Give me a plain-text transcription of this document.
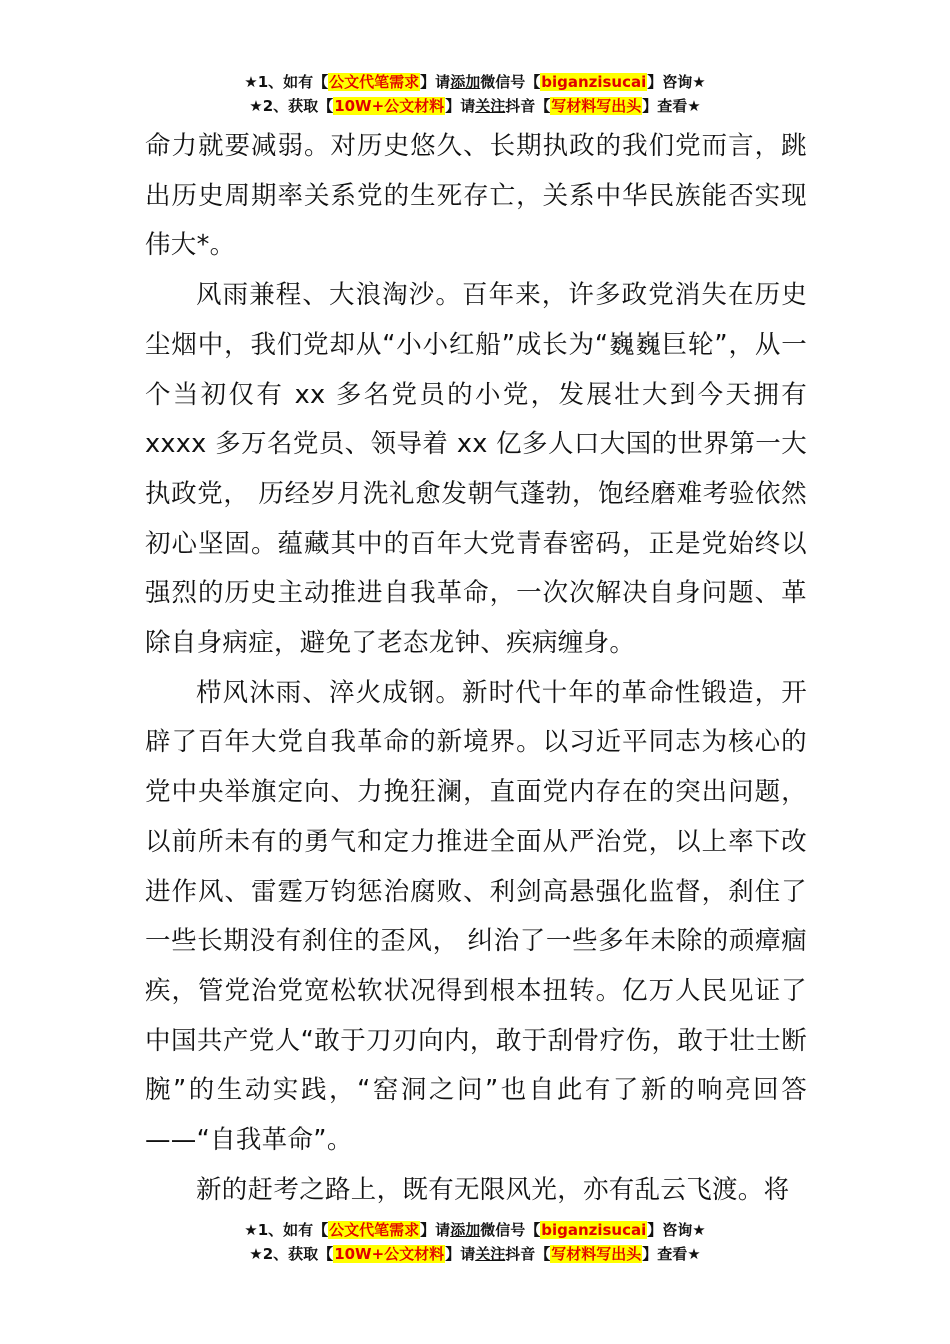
★1、如有【公文代笔需求】请添加微信号【biganzisucai】咨询★
★2、获取【10W+公文材料】请关注抖音【写材料写出头】查看★

命力就要减弱。对历史悠久、长期执政的我们党而言，跳出历史周期率关系党的生死存亡，关系中华民族能否实现伟大*。

风雨兼程、大浪淘沙。百年来，许多政党消失在历史尘烟中，我们党却从“小小红船”成长为“巍巍巨轮”，从一个当初仅有 xx 多名党员的小党，发展壮大到今天拥有 xxxx 多万名党员、领导着 xx 亿多人口大国的世界第一大执政党， 历经岁月洗礼愈发朝气蓬勃，饱经磨难考验依然初心坚固。蕴藏其中的百年大党青春密码，正是党始终以强烈的历史主动推进自我革命，一次次解决自身问题、革除自身病症，避免了老态龙钟、疾病缠身。

栉风沐雨、淬火成钢。新时代十年的革命性锻造，开辟了百年大党自我革命的新境界。以习近平同志为核心的党中央举旗定向、力挽狂澜，直面党内存在的突出问题，以前所未有的勇气和定力推进全面从严治党，以上率下改进作风、雷霆万钧惩治腐败、利剑高悬强化监督，刹住了一些长期没有刹住的歪风， 纠治了一些多年未除的顽瘴痼疾，管党治党宽松软状况得到根本扭转。亿万人民见证了中国共产党人“敢于刀刃向内，敢于刮骨疗伤，敢于壮士断腕”的生动实践，“窑洞之问”也自此有了新的响亮回答——“自我革命”。

新的赶考之路上，既有无限风光，亦有乱云飞渡。将

★1、如有【公文代笔需求】请添加微信号【biganzisucai】咨询★
★2、获取【10W+公文材料】请关注抖音【写材料写出头】查看★
